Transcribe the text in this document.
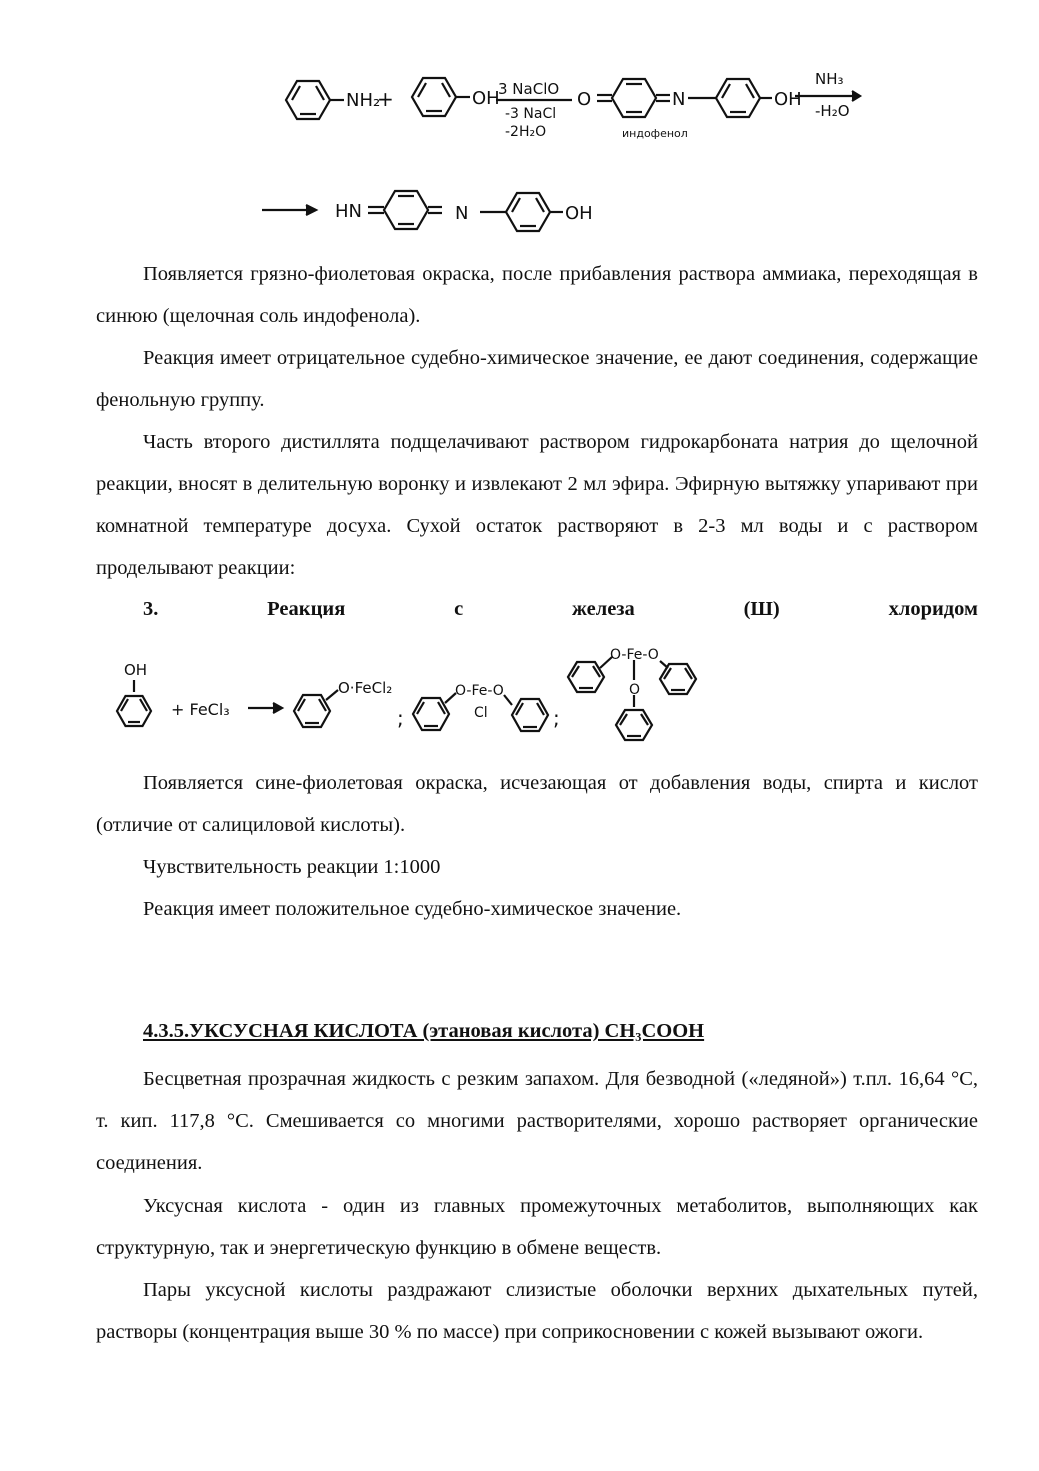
NH₂
+	OH
3 NaClO
-3 NaCl
-2H₂O
O	N	OH
индофенол
NH₃
-H₂O
HN	N	OH

Появляется грязно-фиолетовая окраска, после прибавления раствора аммиака, переходящая в синюю (щелочная соль индофенола).

Реакция имеет отрицательное судебно-химическое значение, ее дают соединения, содержащие фенольную группу.

Часть второго дистиллята подщелачивают раствором гидрокарбоната натрия до щелочной реакции, вносят в делительную воронку и извлекают 2 мл эфира. Эфирную вытяжку упаривают при комнатной температуре досуха. Сухой остаток растворяют в 2-3 мл воды и с раствором проделывают реакции:

3.	Реакция	с	железа	(Ш)	хлоридом
OH
+ FeCl₃
O·FeCl₂
;
O-Fe-O
Cl	;
O-Fe-O
O

Появляется сине-фиолетовая окраска, исчезающая от добавления воды, спирта и кислот (отличие от салициловой кислоты).

Чувствительность реакции 1:1000

Реакция имеет положительное судебно-химическое значение.

4.3.5.УКСУСНАЯ КИСЛОТА (этановая кислота) CH₃COOH

Бесцветная прозрачная жидкость с резким запахом. Для безводной («ледяной») т.пл. 16,64 °С, т. кип. 117,8 °С. Смешивается со многими растворителями, хорошо растворяет органические соединения.

Уксусная кислота - один из главных промежуточных метаболитов, выполняющих как структурную, так и энергетическую функцию в обмене веществ.

Пары уксусной кислоты раздражают слизистые оболочки верхних дыхательных путей, растворы (концентрация выше 30 % по массе) при соприкосновении с кожей вызывают ожоги.
